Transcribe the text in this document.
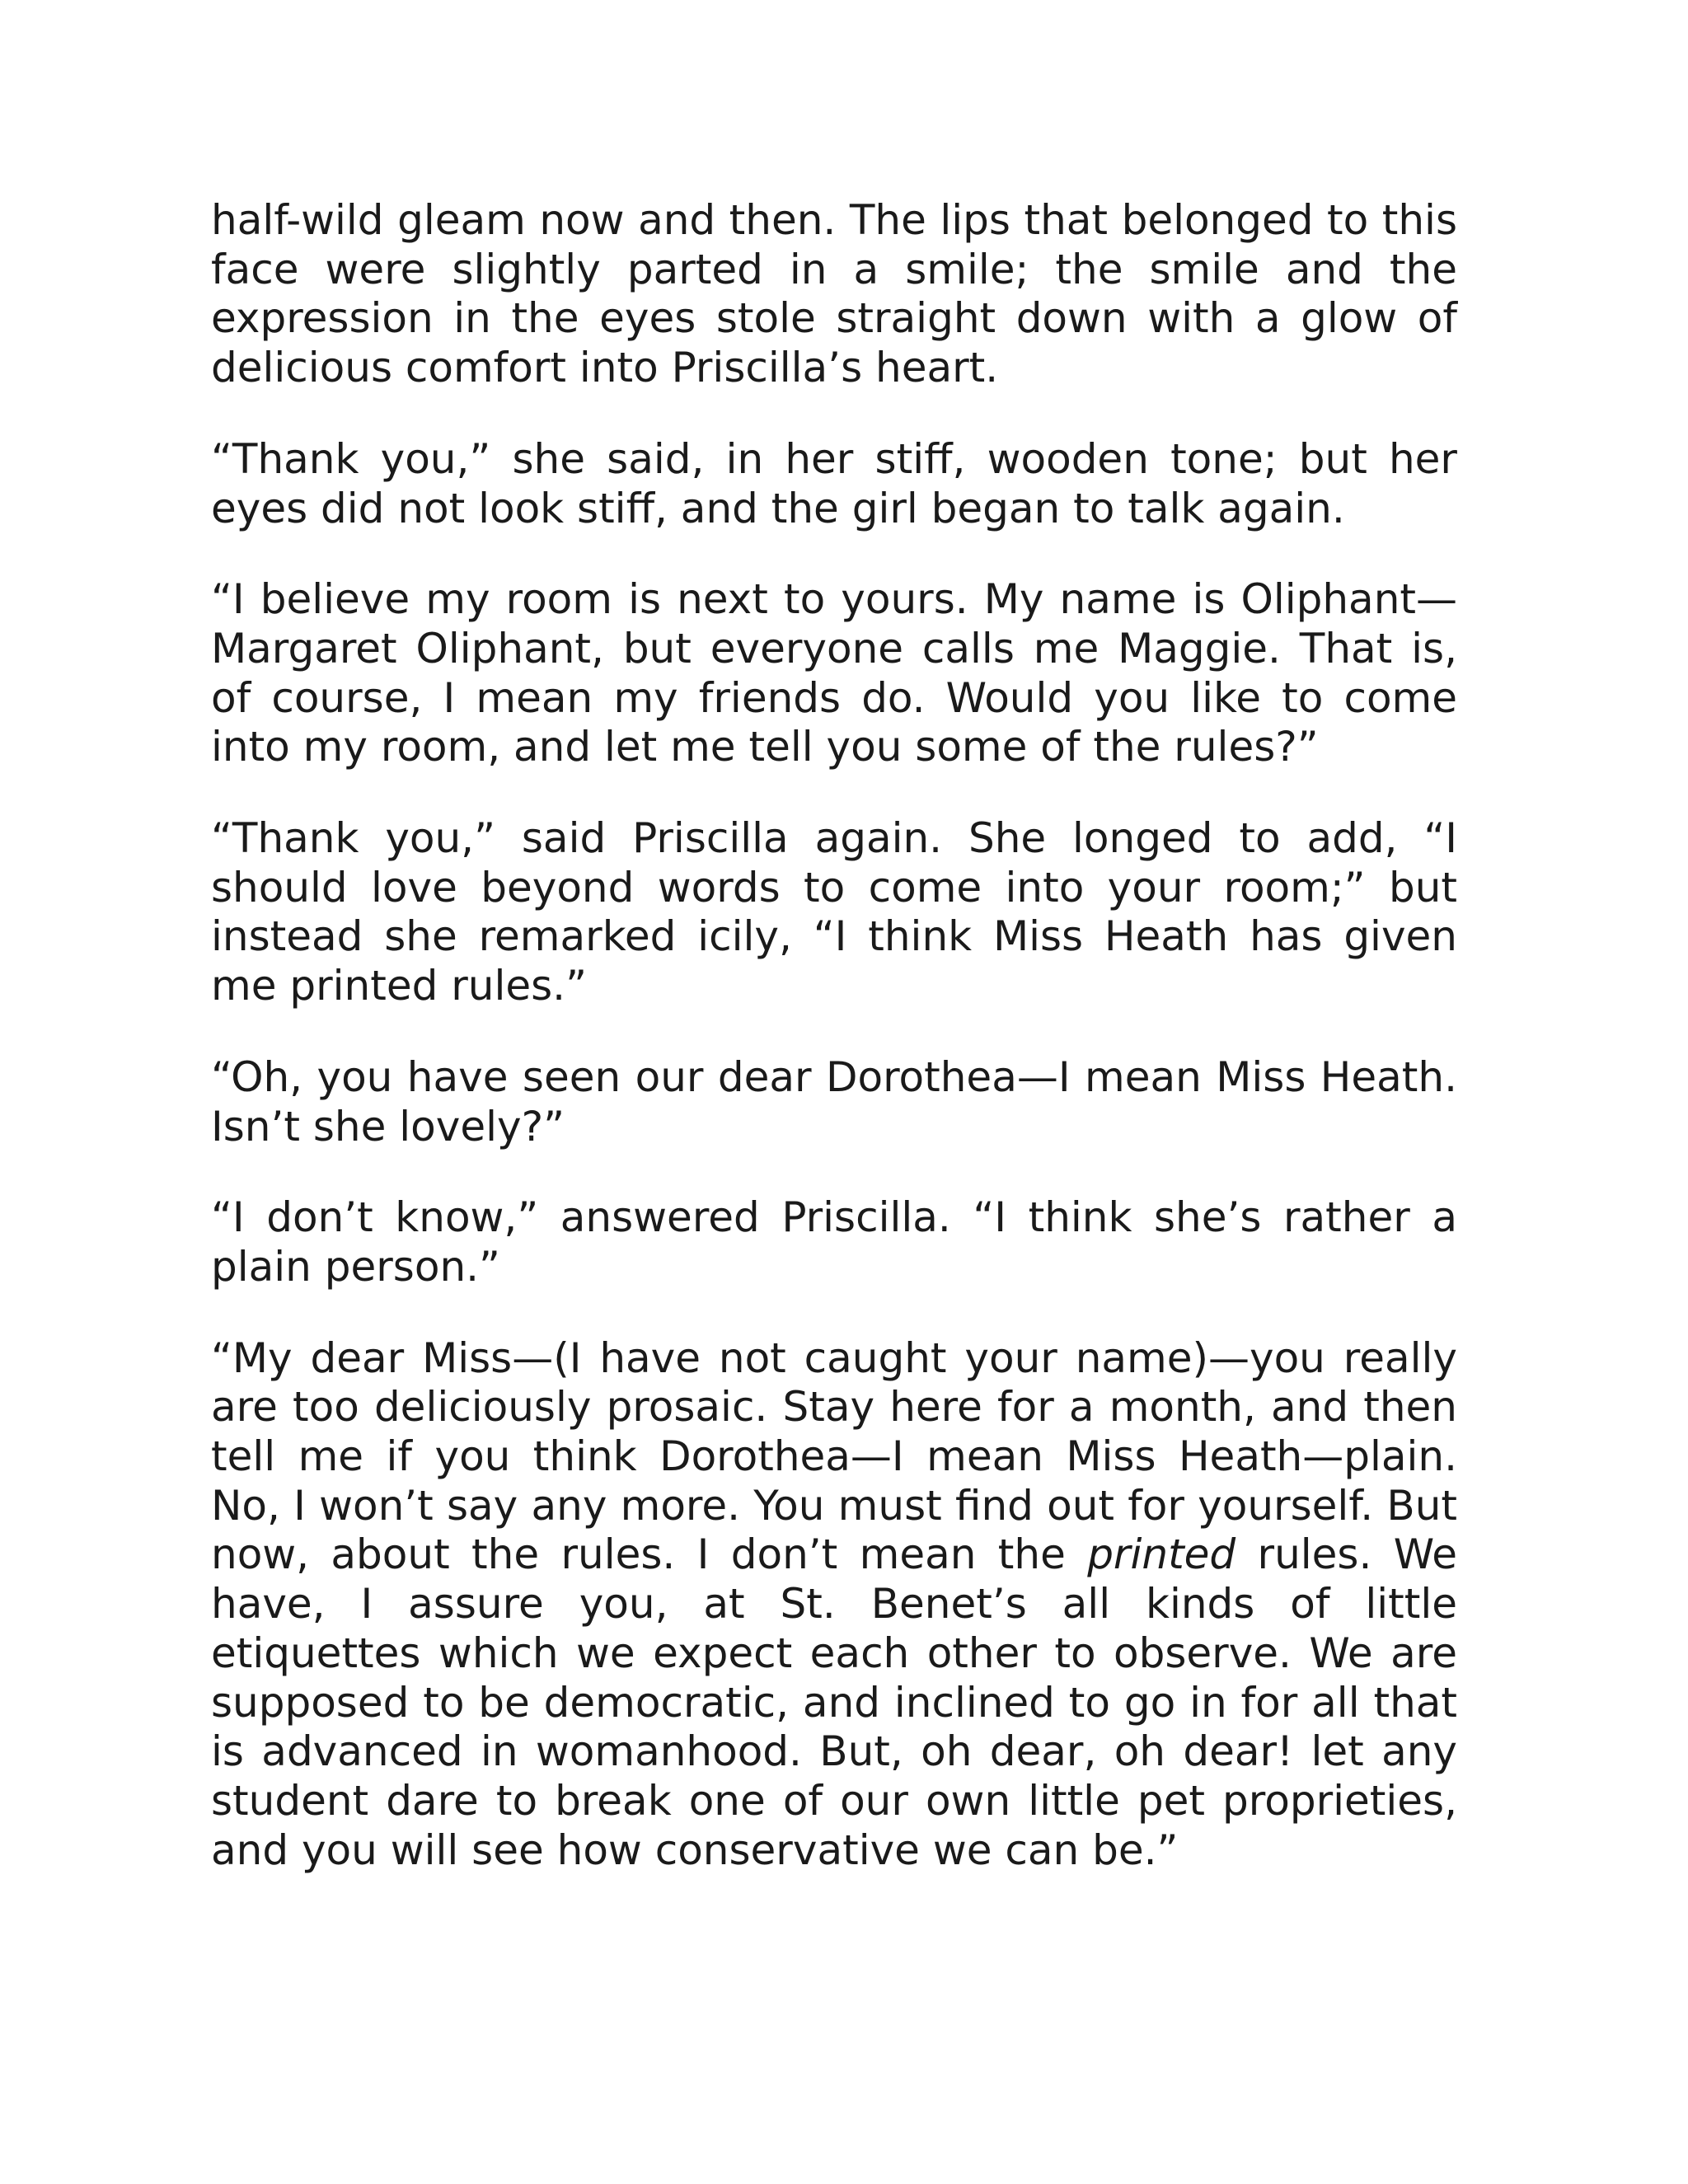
half-wild gleam now and then. The lips that belonged to this face were slightly parted in a smile; the smile and the expression in the eyes stole straight down with a glow of delicious comfort into Priscilla’s heart.

“Thank you,” she said, in her stiff, wooden tone; but her eyes did not look stiff, and the girl began to talk again.

“I believe my room is next to yours. My name is Oliphant—Margaret Oliphant, but everyone calls me Maggie. That is, of course, I mean my friends do. Would you like to come into my room, and let me tell you some of the rules?”

“Thank you,” said Priscilla again. She longed to add, “I should love beyond words to come into your room;” but instead she remarked icily, “I think Miss Heath has given me printed rules.”

“Oh, you have seen our dear Dorothea—I mean Miss Heath. Isn’t she lovely?”

“I don’t know,” answered Priscilla. “I think she’s rather a plain person.”

“My dear Miss—(I have not caught your name)—you really are too deliciously prosaic. Stay here for a month, and then tell me if you think Dorothea—I mean Miss Heath—plain. No, I won’t say any more. You must find out for yourself. But now, about the rules. I don’t mean the printed rules. We have, I assure you, at St. Benet’s all kinds of little etiquettes which we expect each other to observe. We are supposed to be democratic, and inclined to go in for all that is advanced in womanhood. But, oh dear, oh dear! let any student dare to break one of our own little pet proprieties, and you will see how conservative we can be.”
